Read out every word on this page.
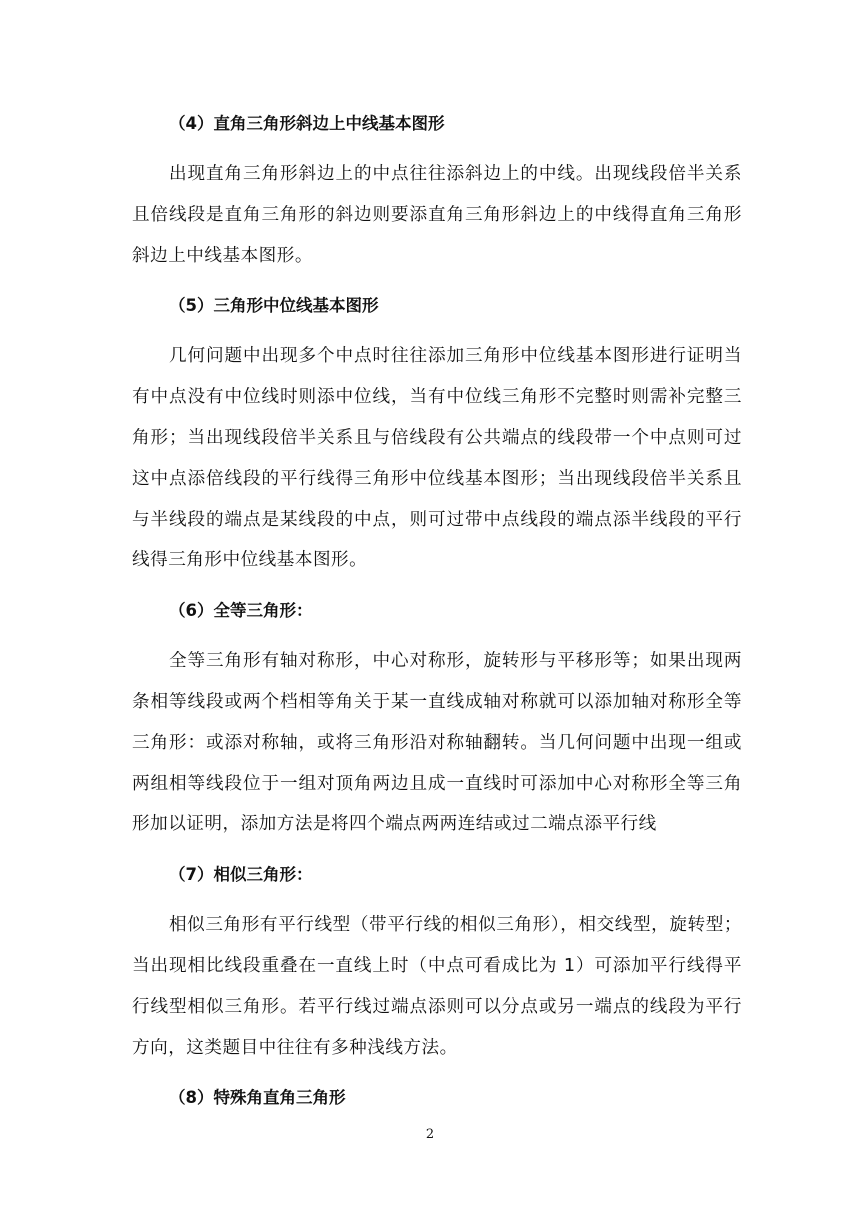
（4）直角三角形斜边上中线基本图形

出现直角三角形斜边上的中点往往添斜边上的中线。出现线段倍半关系且倍线段是直角三角形的斜边则要添直角三角形斜边上的中线得直角三角形斜边上中线基本图形。

（5）三角形中位线基本图形

几何问题中出现多个中点时往往添加三角形中位线基本图形进行证明当有中点没有中位线时则添中位线，当有中位线三角形不完整时则需补完整三角形；当出现线段倍半关系且与倍线段有公共端点的线段带一个中点则可过这中点添倍线段的平行线得三角形中位线基本图形；当出现线段倍半关系且与半线段的端点是某线段的中点，则可过带中点线段的端点添半线段的平行线得三角形中位线基本图形。

（6）全等三角形：

全等三角形有轴对称形，中心对称形，旋转形与平移形等；如果出现两条相等线段或两个档相等角关于某一直线成轴对称就可以添加轴对称形全等三角形：或添对称轴，或将三角形沿对称轴翻转。当几何问题中出现一组或两组相等线段位于一组对顶角两边且成一直线时可添加中心对称形全等三角形加以证明，添加方法是将四个端点两两连结或过二端点添平行线

（7）相似三角形：

相似三角形有平行线型（带平行线的相似三角形），相交线型，旋转型；当出现相比线段重叠在一直线上时（中点可看成比为 1）可添加平行线得平行线型相似三角形。若平行线过端点添则可以分点或另一端点的线段为平行方向，这类题目中往往有多种浅线方法。

（8）特殊角直角三角形
2
